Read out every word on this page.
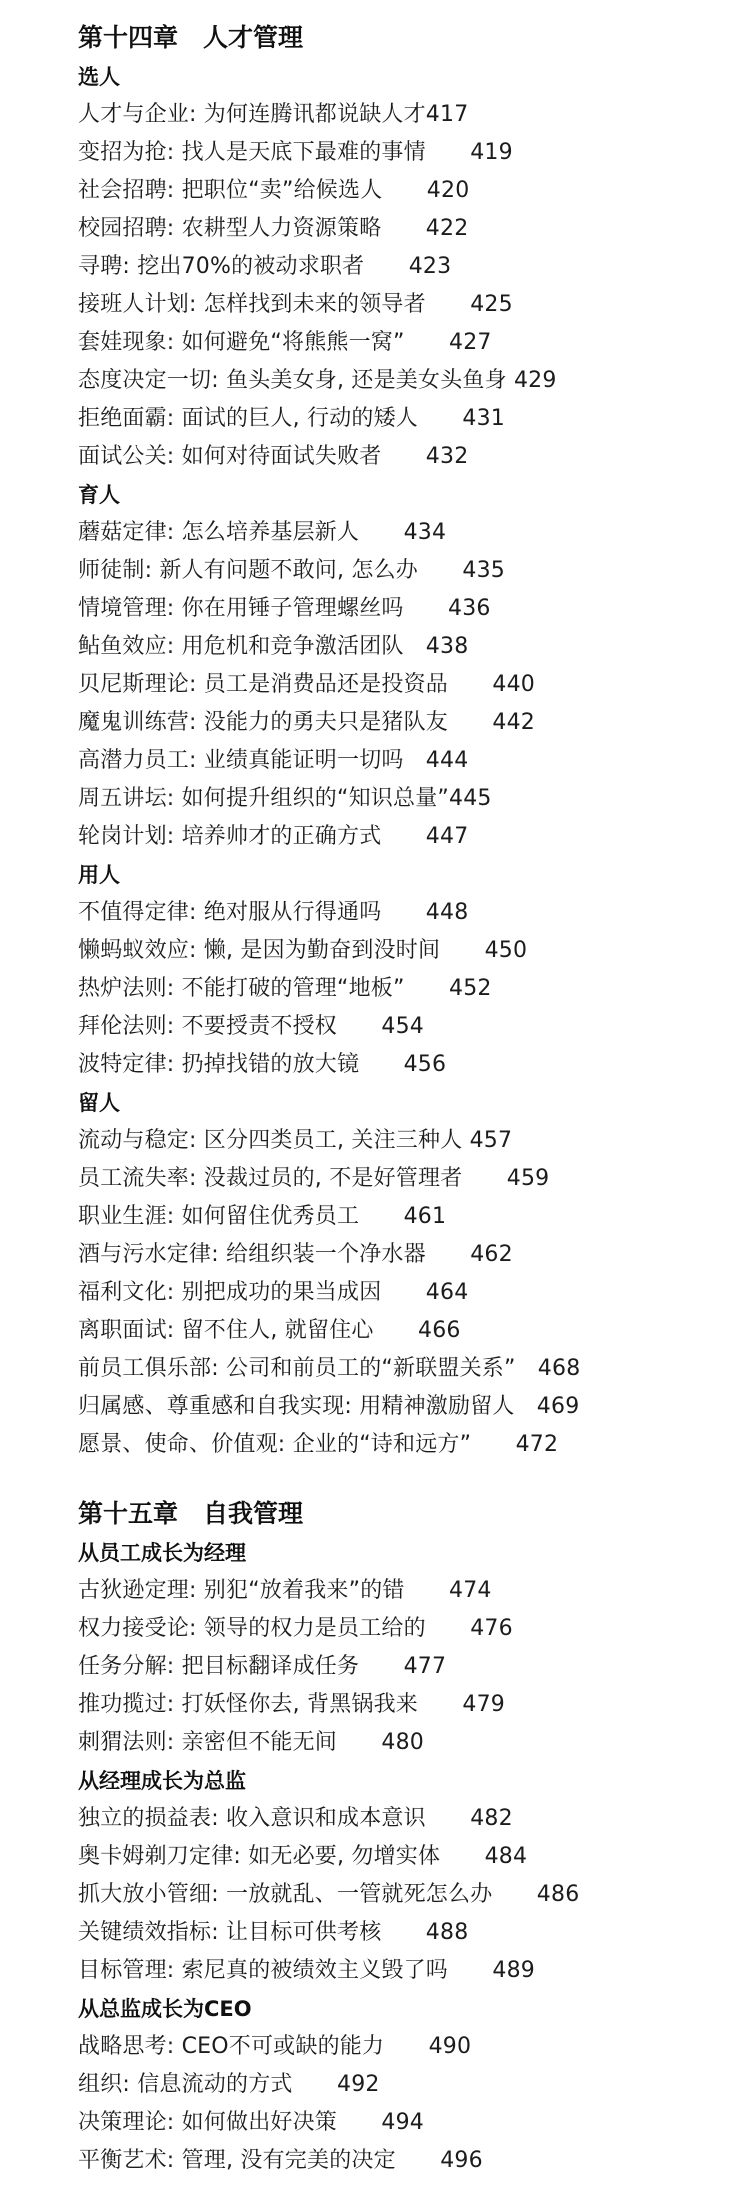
第十四章　人才管理
选人
人才与企业: 为何连腾讯都说缺人才417
变招为抢: 找人是天底下最难的事情　　419
社会招聘: 把职位“卖”给候选人　　420
校园招聘: 农耕型人力资源策略　　422
寻聘: 挖出70%的被动求职者　　423
接班人计划: 怎样找到未来的领导者　　425
套娃现象: 如何避免“将熊熊一窝”　　427
态度决定一切: 鱼头美女身, 还是美女头鱼身 429
拒绝面霸: 面试的巨人, 行动的矮人　　431
面试公关: 如何对待面试失败者　　432
育人
蘑菇定律: 怎么培养基层新人　　434
师徒制: 新人有问题不敢问, 怎么办　　435
情境管理: 你在用锤子管理螺丝吗　　436
鲇鱼效应: 用危机和竞争激活团队　438
贝尼斯理论: 员工是消费品还是投资品　　440
魔鬼训练营: 没能力的勇夫只是猪队友　　442
高潜力员工: 业绩真能证明一切吗　444
周五讲坛: 如何提升组织的“知识总量”445
轮岗计划: 培养帅才的正确方式　　447
用人
不值得定律: 绝对服从行得通吗　　448
懒蚂蚁效应: 懒, 是因为勤奋到没时间　　450
热炉法则: 不能打破的管理“地板”　　452
拜伦法则: 不要授责不授权　　454
波特定律: 扔掉找错的放大镜　　456
留人
流动与稳定: 区分四类员工, 关注三种人 457
员工流失率: 没裁过员的, 不是好管理者　　459
职业生涯: 如何留住优秀员工　　461
酒与污水定律: 给组织装一个净水器　　462
福利文化: 别把成功的果当成因　　464
离职面试: 留不住人, 就留住心　　466
前员工俱乐部: 公司和前员工的“新联盟关系”　468
归属感、尊重感和自我实现: 用精神激励留人　469
愿景、使命、价值观: 企业的“诗和远方”　　472
第十五章　自我管理
从员工成长为经理
古狄逊定理: 别犯“放着我来”的错　　474
权力接受论: 领导的权力是员工给的　　476
任务分解: 把目标翻译成任务　　477
推功揽过: 打妖怪你去, 背黑锅我来　　479
刺猬法则: 亲密但不能无间　　480
从经理成长为总监
独立的损益表: 收入意识和成本意识　　482
奥卡姆剃刀定律: 如无必要, 勿增实体　　484
抓大放小管细: 一放就乱、一管就死怎么办　　486
关键绩效指标: 让目标可供考核　　488
目标管理: 索尼真的被绩效主义毁了吗　　489
从总监成长为CEO
战略思考: CEO不可或缺的能力　　490
组织: 信息流动的方式　　492
决策理论: 如何做出好决策　　494
平衡艺术: 管理, 没有完美的决定　　496
